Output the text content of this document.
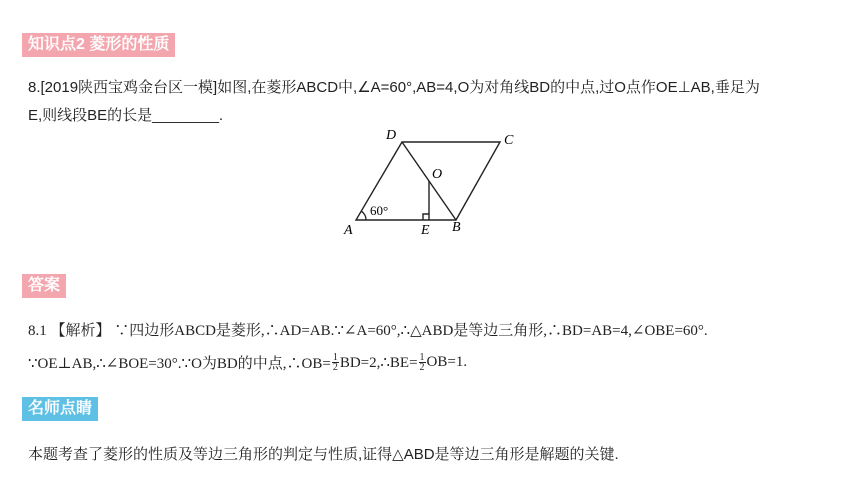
知识点2 菱形的性质
8.[2019陕西宝鸡金台区一模]如图,在菱形ABCD中,∠A=60°,AB=4,O为对角线BD的中点,过O点作OE⊥AB,垂足为
E,则线段BE的长是________.
A	B
C
D
O
E
60°
答案
8.1 【解析】 ∵四边形ABCD是菱形,∴AD=AB.∵∠A=60°,∴△ABD是等边三角形,∴BD=AB=4,∠OBE=60°.
∵OE⊥AB,∴∠BOE=30°.∵O为BD的中点,∴OB= $\frac{1}{2}$ BD=2,∴BE= $\frac{1}{2} OB=1$.
名师点睛
本题考查了菱形的性质及等边三角形的判定与性质,证得△ABD是等边三角形是解题的关键.
